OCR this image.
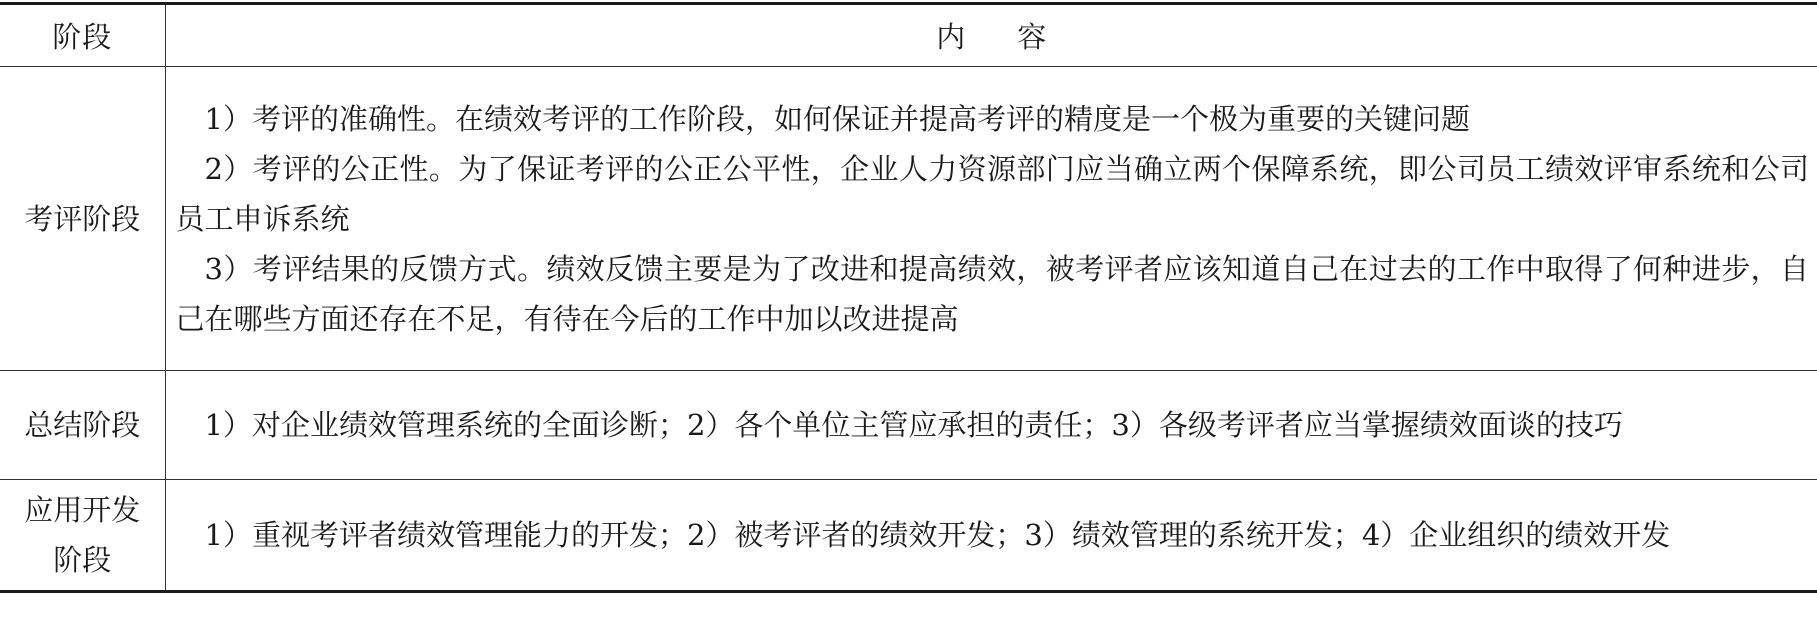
阶段	内容
考评阶段	1）考评的准确性。在绩效考评的工作阶段，如何保证并提高考评的精度是一个极为重要的关键问题

2）考评的公正性。为了保证考评的公正公平性，企业人力资源部门应当确立两个保障系统，即公司员工绩效评审系统和公司员工申诉系统

3）考评结果的反馈方式。绩效反馈主要是为了改进和提高绩效，被考评者应该知道自己在过去的工作中取得了何种进步，自己在哪些方面还存在不足，有待在今后的工作中加以改进提高

总结阶段	1）对企业绩效管理系统的全面诊断；2）各个单位主管应承担的责任；3）各级考评者应当掌握绩效面谈的技巧

应用开发
阶段	1）重视考评者绩效管理能力的开发；2）被考评者的绩效开发；3）绩效管理的系统开发；4）企业组织的绩效开发
